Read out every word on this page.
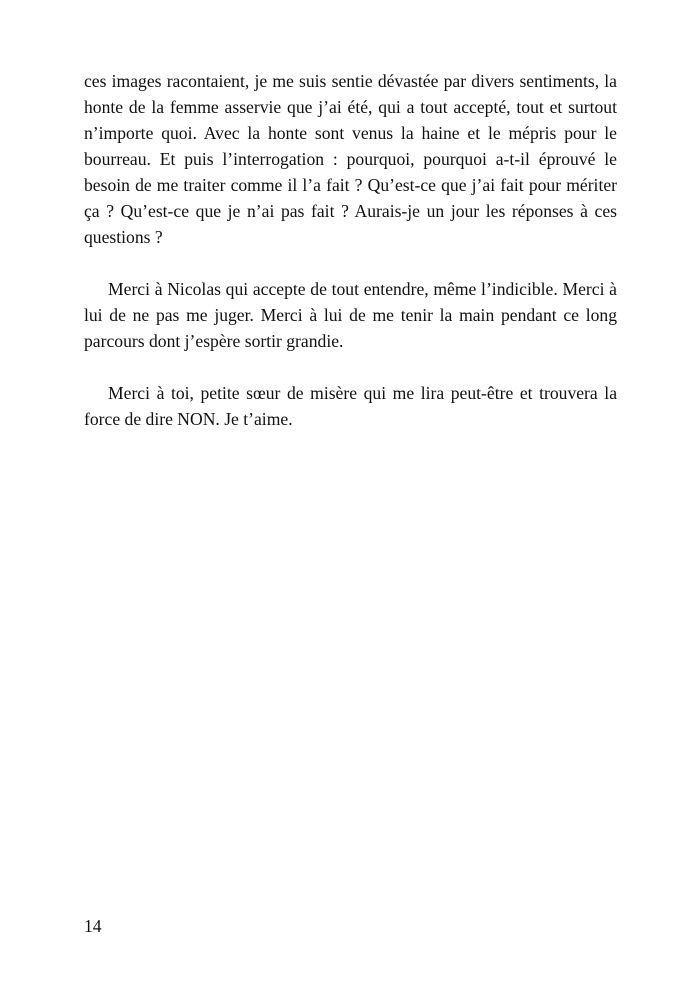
ces images racontaient, je me suis sentie dévastée par divers sentiments, la honte de la femme asservie que j’ai été, qui a tout accepté, tout et surtout n’importe quoi. Avec la honte sont venus la haine et le mépris pour le bourreau. Et puis l’interrogation : pourquoi, pourquoi a-t-il éprouvé le besoin de me traiter comme il l’a fait ? Qu’est-ce que j’ai fait pour mériter ça ? Qu’est-ce que je n’ai pas fait ? Aurais-je un jour les réponses à ces questions ?

Merci à Nicolas qui accepte de tout entendre, même l’indicible. Merci à lui de ne pas me juger. Merci à lui de me tenir la main pendant ce long parcours dont j’espère sortir grandie.

Merci à toi, petite sœur de misère qui me lira peut-être et trouvera la force de dire NON. Je t’aime.

14
